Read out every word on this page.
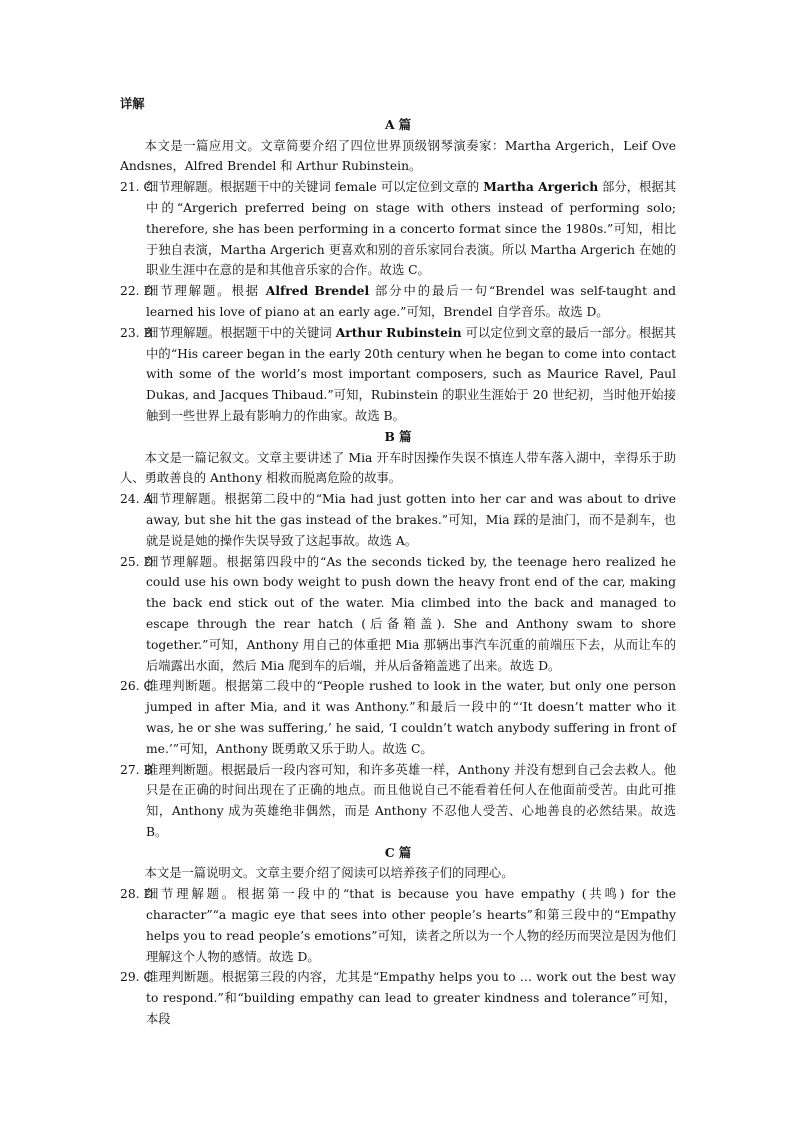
详解
A 篇
本文是一篇应用文。文章简要介绍了四位世界顶级钢琴演奏家：Martha Argerich，Leif Ove Andsnes，Alfred Brendel 和 Arthur Rubinstein。
21. C
细节理解题。根据题干中的关键词 female 可以定位到文章的 Martha Argerich 部分，根据其中的“Argerich preferred being on stage with others instead of performing solo; therefore, she has been performing in a concerto format since the 1980s.”可知，相比于独自表演，Martha Argerich 更喜欢和别的音乐家同台表演。所以 Martha Argerich 在她的职业生涯中在意的是和其他音乐家的合作。故选 C。
22. D
细节理解题。根据 Alfred Brendel 部分中的最后一句“Brendel was self-taught and learned his love of piano at an early age.”可知，Brendel 自学音乐。故选 D。
23. B
细节理解题。根据题干中的关键词 Arthur Rubinstein 可以定位到文章的最后一部分。根据其中的“His career began in the early 20th century when he began to come into contact with some of the world’s most important composers, such as Maurice Ravel, Paul Dukas, and Jacques Thibaud.”可知，Rubinstein 的职业生涯始于 20 世纪初，当时他开始接触到一些世界上最有影响力的作曲家。故选 B。
B 篇
本文是一篇记叙文。文章主要讲述了 Mia 开车时因操作失误不慎连人带车落入湖中，幸得乐于助人、勇敢善良的 Anthony 相救而脱离危险的故事。
24. A
细节理解题。根据第二段中的“Mia had just gotten into her car and was about to drive away, but she hit the gas instead of the brakes.”可知，Mia 踩的是油门，而不是刹车，也就是说是她的操作失误导致了这起事故。故选 A。
25. D
细节理解题。根据第四段中的“As the seconds ticked by, the teenage hero realized he could use his own body weight to push down the heavy front end of the car, making the back end stick out of the water. Mia climbed into the back and managed to escape through the rear hatch (后备箱盖). She and Anthony swam to shore together.”可知，Anthony 用自己的体重把 Mia 那辆出事汽车沉重的前端压下去，从而让车的后端露出水面，然后 Mia 爬到车的后端，并从后备箱盖逃了出来。故选 D。
26. C
推理判断题。根据第二段中的“People rushed to look in the water, but only one person jumped in after Mia, and it was Anthony.”和最后一段中的“‘It doesn’t matter who it was, he or she was suffering,’ he said, ‘I couldn’t watch anybody suffering in front of me.’”可知，Anthony 既勇敢又乐于助人。故选 C。
27. B
推理判断题。根据最后一段内容可知，和许多英雄一样，Anthony 并没有想到自己会去救人。他只是在正确的时间出现在了正确的地点。而且他说自己不能看着任何人在他面前受苦。由此可推知，Anthony 成为英雄绝非偶然，而是 Anthony 不忍他人受苦、心地善良的必然结果。故选 B。
C 篇
本文是一篇说明文。文章主要介绍了阅读可以培养孩子们的同理心。
28. D
细节理解题。根据第一段中的“that is because you have empathy (共鸣) for the character”“a magic eye that sees into other people’s hearts”和第三段中的“Empathy helps you to read people’s emotions”可知，读者之所以为一个人物的经历而哭泣是因为他们理解这个人物的感情。故选 D。
29. C
推理判断题。根据第三段的内容，尤其是“Empathy helps you to … work out the best way to respond.”和“building empathy can lead to greater kindness and tolerance”可知，本段
